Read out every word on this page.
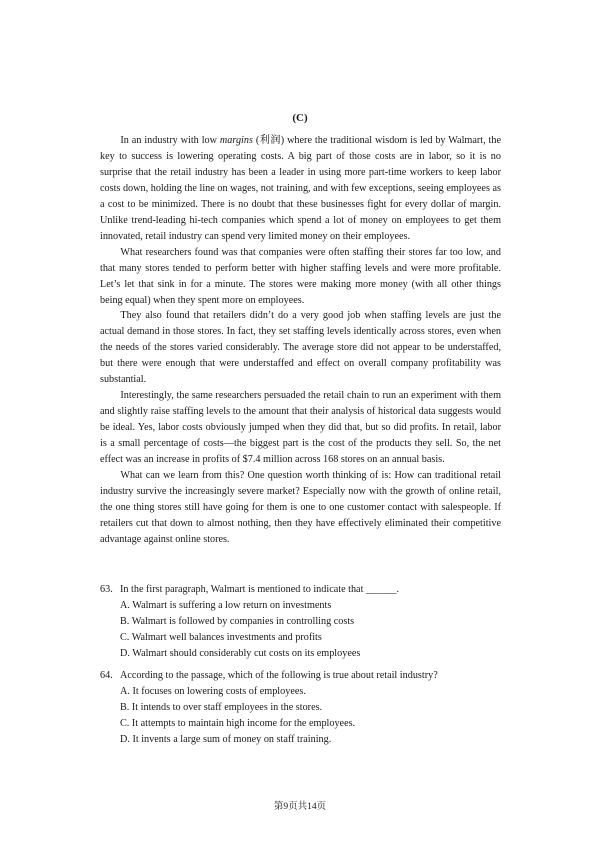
(C)

In an industry with low margins (利润) where the traditional wisdom is led by Walmart, the key to success is lowering operating costs. A big part of those costs are in labor, so it is no surprise that the retail industry has been a leader in using more part-time workers to keep labor costs down, holding the line on wages, not training, and with few exceptions, seeing employees as a cost to be minimized. There is no doubt that these businesses fight for every dollar of margin. Unlike trend-leading hi-tech companies which spend a lot of money on employees to get them innovated, retail industry can spend very limited money on their employees.

What researchers found was that companies were often staffing their stores far too low, and that many stores tended to perform better with higher staffing levels and were more profitable. Let’s let that sink in for a minute. The stores were making more money (with all other things being equal) when they spent more on employees.

They also found that retailers didn’t do a very good job when staffing levels are just the actual demand in those stores. In fact, they set staffing levels identically across stores, even when the needs of the stores varied considerably. The average store did not appear to be understaffed, but there were enough that were understaffed and effect on overall company profitability was substantial.

Interestingly, the same researchers persuaded the retail chain to run an experiment with them and slightly raise staffing levels to the amount that their analysis of historical data suggests would be ideal. Yes, labor costs obviously jumped when they did that, but so did profits. In retail, labor is a small percentage of costs—the biggest part is the cost of the products they sell. So, the net effect was an increase in profits of $7.4 million across 168 stores on an annual basis.

What can we learn from this? One question worth thinking of is: How can traditional retail industry survive the increasingly severe market? Especially now with the growth of online retail, the one thing stores still have going for them is one to one customer contact with salespeople. If retailers cut that down to almost nothing, then they have effectively eliminated their competitive advantage against online stores.

63. In the first paragraph, Walmart is mentioned to indicate that ______.
A. Walmart is suffering a low return on investments
B. Walmart is followed by companies in controlling costs
C. Walmart well balances investments and profits
D. Walmart should considerably cut costs on its employees
64. According to the passage, which of the following is true about retail industry?
A. It focuses on lowering costs of employees.
B. It intends to over staff employees in the stores.
C. It attempts to maintain high income for the employees.
D. It invents a large sum of money on staff training.
第9页共14页
